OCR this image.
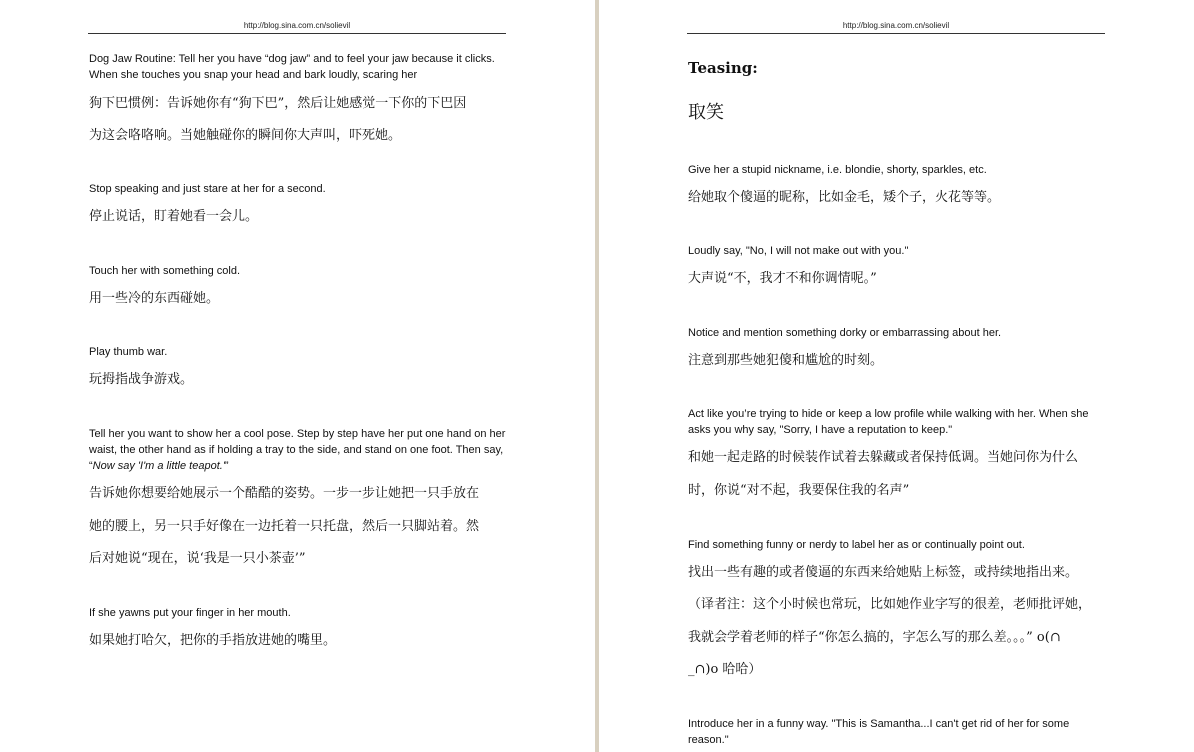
http://blog.sina.com.cn/solievil
Dog Jaw Routine: Tell her you have “dog jaw” and to feel your jaw because it clicks. When she touches you snap your head and bark loudly, scaring her
狗下巴惯例：告诉她你有“狗下巴”，然后让她感觉一下你的下巴因
为这会咯咯响。当她触碰你的瞬间你大声叫，吓死她。
Stop speaking and just stare at her for a second.
停止说话，盯着她看一会儿。
Touch her with something cold.
用一些冷的东西碰她。
Play thumb war.
玩拇指战争游戏。
Tell her you want to show her a cool pose. Step by step have her put one hand on her waist, the other hand as if holding a tray to the side, and stand on one foot. Then say, “Now say 'I'm a little teapot.'”
告诉她你想要给她展示一个酷酷的姿势。一步一步让她把一只手放在
她的腰上，另一只手好像在一边托着一只托盘，然后一只脚站着。然
后对她说“现在，说‘我是一只小茶壶’”
If she yawns put your finger in her mouth.
如果她打哈欠，把你的手指放进她的嘴里。
http://blog.sina.com.cn/solievil
Teasing:
取笑
Give her a stupid nickname, i.e. blondie, shorty, sparkles, etc.
给她取个傻逼的昵称，比如金毛，矮个子，火花等等。
Loudly say, "No, I will not make out with you."
大声说“不，我才不和你调情呢。”
Notice and mention something dorky or embarrassing about her.
注意到那些她犯傻和尴尬的时刻。
Act like you’re trying to hide or keep a low profile while walking with her. When she asks you why say, "Sorry, I have a reputation to keep."
和她一起走路的时候装作试着去躲藏或者保持低调。当她问你为什么
时，你说“对不起，我要保住我的名声”
Find something funny or nerdy to label her as or continually point out.
找出一些有趣的或者傻逼的东西来给她贴上标签，或持续地指出来。
（译者注：这个小时候也常玩，比如她作业字写的很差，老师批评她，
我就会学着老师的样子“你怎么搞的，字怎么写的那么差。。。” o(∩
_∩)o 哈哈）
Introduce her in a funny way. "This is Samantha...I can't get rid of her for some reason."
